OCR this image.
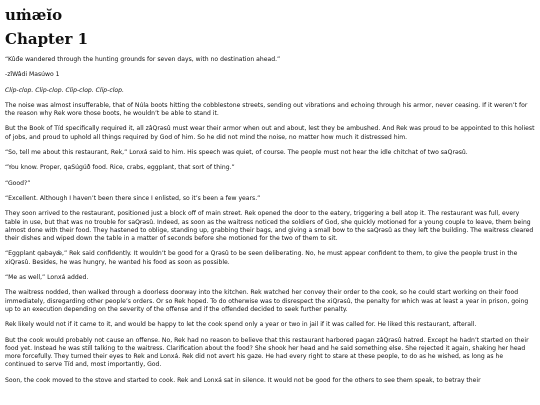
uṁæĭo
Chapter 1

“Kûđe wandered through the hunting grounds for seven days, with no destination ahead.”

-zîWâdi Masúwo 1

Clip-clop. Clip-clop. Clip-clop. Clip-clop.

The noise was almost insufferable, that of Núla boots hitting the cobblestone streets, sending out vibrations and echoing through his armor, never ceasing. If it weren’t for the reason why Rek wore those boots, he wouldn’t be able to stand it.

But the Book of Tíd specifically required it, all zâQrəsû must wear their armor when out and about, lest they be ambushed. And Rek was proud to be appointed to this holiest of jobs, and proud to uphold all things required by God of him. So he did not mind the noise, no matter how much it distressed him.

“So, tell me about this restaurant, Rek,” Lonxá said to him. His speech was quiet, of course. The people must not hear the idle chitchat of two saQrəsû.

“You know. Proper, qaSúgúð food. Rice, crabs, eggplant, that sort of thing.”

“Good?”

“Excellent. Although I haven’t been there since I enlisted, so it’s been a few years.”

They soon arrived to the restaurant, positioned just a block off of main street. Rek opened the door to the eatery, triggering a bell atop it. The restaurant was full, every table in use, but that was no trouble for saQrəsû. Indeed, as soon as the waitress noticed the soldiers of God, she quickly motioned for a young couple to leave, them being almost done with their food. They hastened to oblige, standing up, grabbing their bags, and giving a small bow to the saQrəsû as they left the building. The waitress cleared their dishes and wiped down the table in a matter of seconds before she motioned for the two of them to sit.

“Eggplant qabəyǽ,” Rek said confidently. It wouldn’t be good for a Qrəsû to be seen deliberating. No, he must appear confident to them, to give the people trust in the xiQrəsû. Besides, he was hungry, he wanted his food as soon as possible.

“Me as well,” Lonxá added.

The waitress nodded, then walked through a doorless doorway into the kitchen. Rek watched her convey their order to the cook, so he could start working on their food immediately, disregarding other people’s orders. Or so Rek hoped. To do otherwise was to disrespect the xiQrəsû, the penalty for which was at least a year in prison, going up to an execution depending on the severity of the offense and if the offended decided to seek further penalty.

Rek likely would not if it came to it, and would be happy to let the cook spend only a year or two in jail if it was called for. He liked this restaurant, afterall.

But the cook would probably not cause an offense. No, Rek had no reason to believe that this restaurant harbored pagan zâQrəsû hatred. Except he hadn’t started on their food yet. Instead he was still talking to the waitress. Clarification about the food? She shook her head and he said something else. She rejected it again, shaking her head more forcefully. They turned their eyes to Rek and Lonxá. Rek did not avert his gaze. He had every right to stare at these people, to do as he wished, as long as he continued to serve Tíd and, most importantly, God.

Soon, the cook moved to the stove and started to cook. Rek and Lonxá sat in silence. It would not be good for the others to see them speak, to betray their
